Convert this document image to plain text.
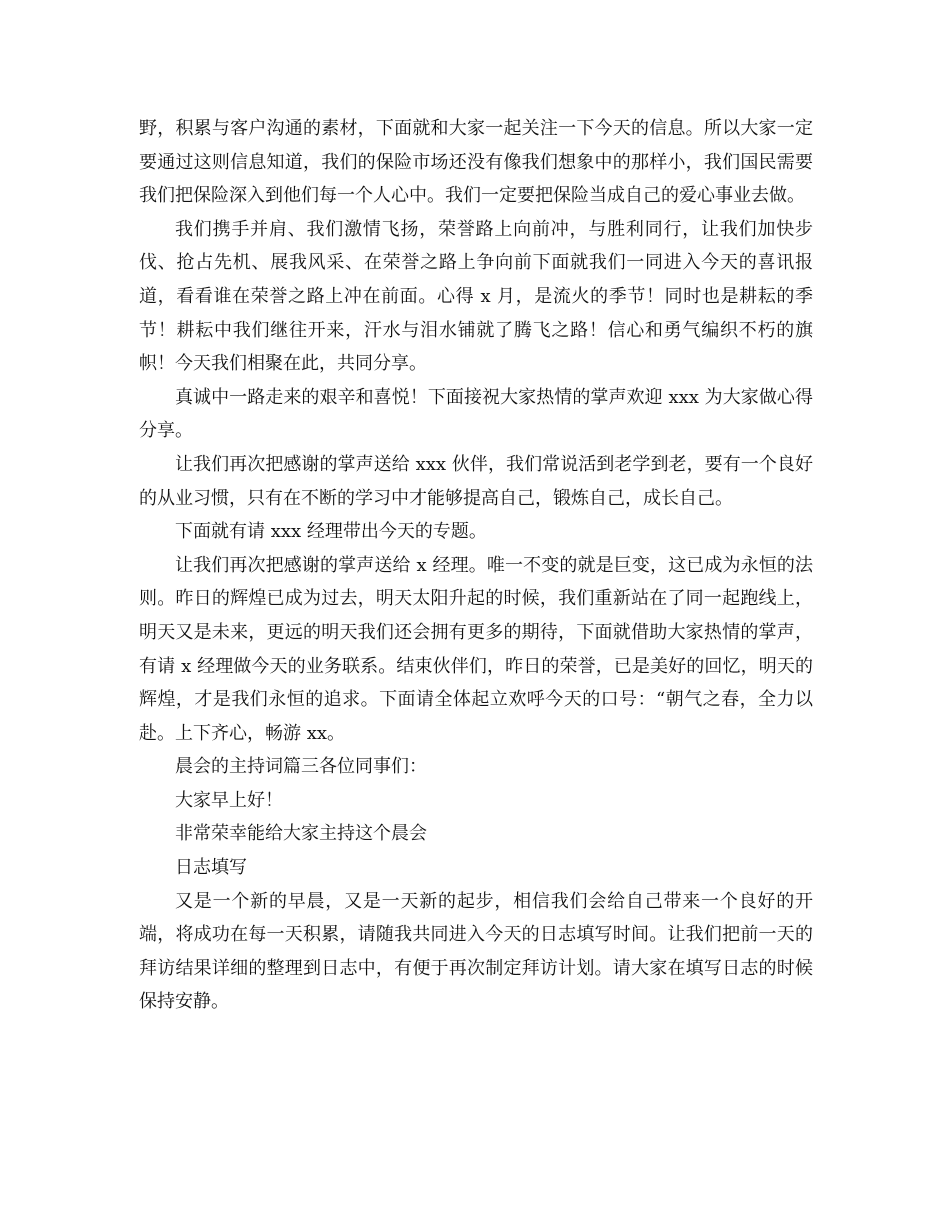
野，积累与客户沟通的素材，下面就和大家一起关注一下今天的信息。所以大家一定要通过这则信息知道，我们的保险市场还没有像我们想象中的那样小，我们国民需要我们把保险深入到他们每一个人心中。我们一定要把保险当成自己的爱心事业去做。

我们携手并肩、我们激情飞扬，荣誉路上向前冲，与胜利同行，让我们加快步伐、抢占先机、展我风采、在荣誉之路上争向前下面就我们一同进入今天的喜讯报道，看看谁在荣誉之路上冲在前面。心得 x 月，是流火的季节！同时也是耕耘的季节！耕耘中我们继往开来，汗水与泪水铺就了腾飞之路！信心和勇气编织不朽的旗帜！今天我们相聚在此，共同分享。

真诚中一路走来的艰辛和喜悦！下面接祝大家热情的掌声欢迎 xxx 为大家做心得分享。

让我们再次把感谢的掌声送给 xxx 伙伴，我们常说活到老学到老，要有一个良好的从业习惯，只有在不断的学习中才能够提高自己，锻炼自己，成长自己。

下面就有请 xxx 经理带出今天的专题。

让我们再次把感谢的掌声送给 x 经理。唯一不变的就是巨变，这已成为永恒的法则。昨日的辉煌已成为过去，明天太阳升起的时候，我们重新站在了同一起跑线上，明天又是未来，更远的明天我们还会拥有更多的期待，下面就借助大家热情的掌声，有请 x 经理做今天的业务联系。结束伙伴们，昨日的荣誉，已是美好的回忆，明天的辉煌，才是我们永恒的追求。下面请全体起立欢呼今天的口号：“朝气之春，全力以赴。上下齐心，畅游 xx。

晨会的主持词篇三各位同事们：

大家早上好！

非常荣幸能给大家主持这个晨会

日志填写

又是一个新的早晨，又是一天新的起步，相信我们会给自己带来一个良好的开端，将成功在每一天积累，请随我共同进入今天的日志填写时间。让我们把前一天的拜访结果详细的整理到日志中，有便于再次制定拜访计划。请大家在填写日志的时候保持安静。
